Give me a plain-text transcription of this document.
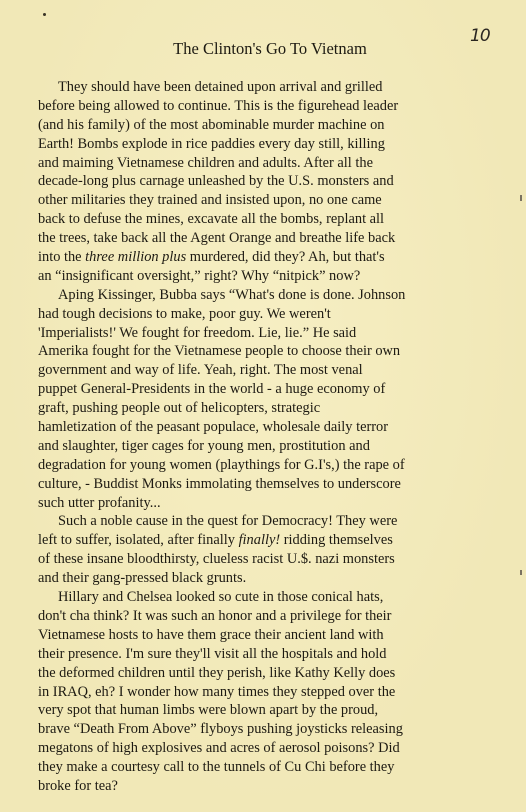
10
The Clinton's Go To Vietnam
They should have been detained upon arrival and grilled
before being allowed to continue. This is the figurehead leader
(and his family) of the most abominable murder machine on
Earth! Bombs explode in rice paddies every day still, killing
and maiming Vietnamese children and adults. After all the
decade-long plus carnage unleashed by the U.S. monsters and
other militaries they trained and insisted upon, no one came
back to defuse the mines, excavate all the bombs, replant all
the trees, take back all the Agent Orange and breathe life back
into the three million plus murdered, did they? Ah, but that's
an “insignificant oversight,” right? Why “nitpick” now?
Aping Kissinger, Bubba says “What's done is done. Johnson
had tough decisions to make, poor guy. We weren't
'Imperialists!' We fought for freedom. Lie, lie.” He said
Amerika fought for the Vietnamese people to choose their own
government and way of life. Yeah, right. The most venal
puppet General-Presidents in the world - a huge economy of
graft, pushing people out of helicopters, strategic
hamletization of the peasant populace, wholesale daily terror
and slaughter, tiger cages for young men, prostitution and
degradation for young women (playthings for G.I's,) the rape of
culture, - Buddist Monks immolating themselves to underscore
such utter profanity...
Such a noble cause in the quest for Democracy! They were
left to suffer, isolated, after finally finally! ridding themselves
of these insane bloodthirsty, clueless racist U.$. nazi monsters
and their gang-pressed black grunts.
Hillary and Chelsea looked so cute in those conical hats,
don't cha think? It was such an honor and a privilege for their
Vietnamese hosts to have them grace their ancient land with
their presence. I'm sure they'll visit all the hospitals and hold
the deformed children until they perish, like Kathy Kelly does
in IRAQ, eh? I wonder how many times they stepped over the
very spot that human limbs were blown apart by the proud,
brave “Death From Above” flyboys pushing joysticks releasing
megatons of high explosives and acres of aerosol poisons? Did
they make a courtesy call to the tunnels of Cu Chi before they
broke for tea?
